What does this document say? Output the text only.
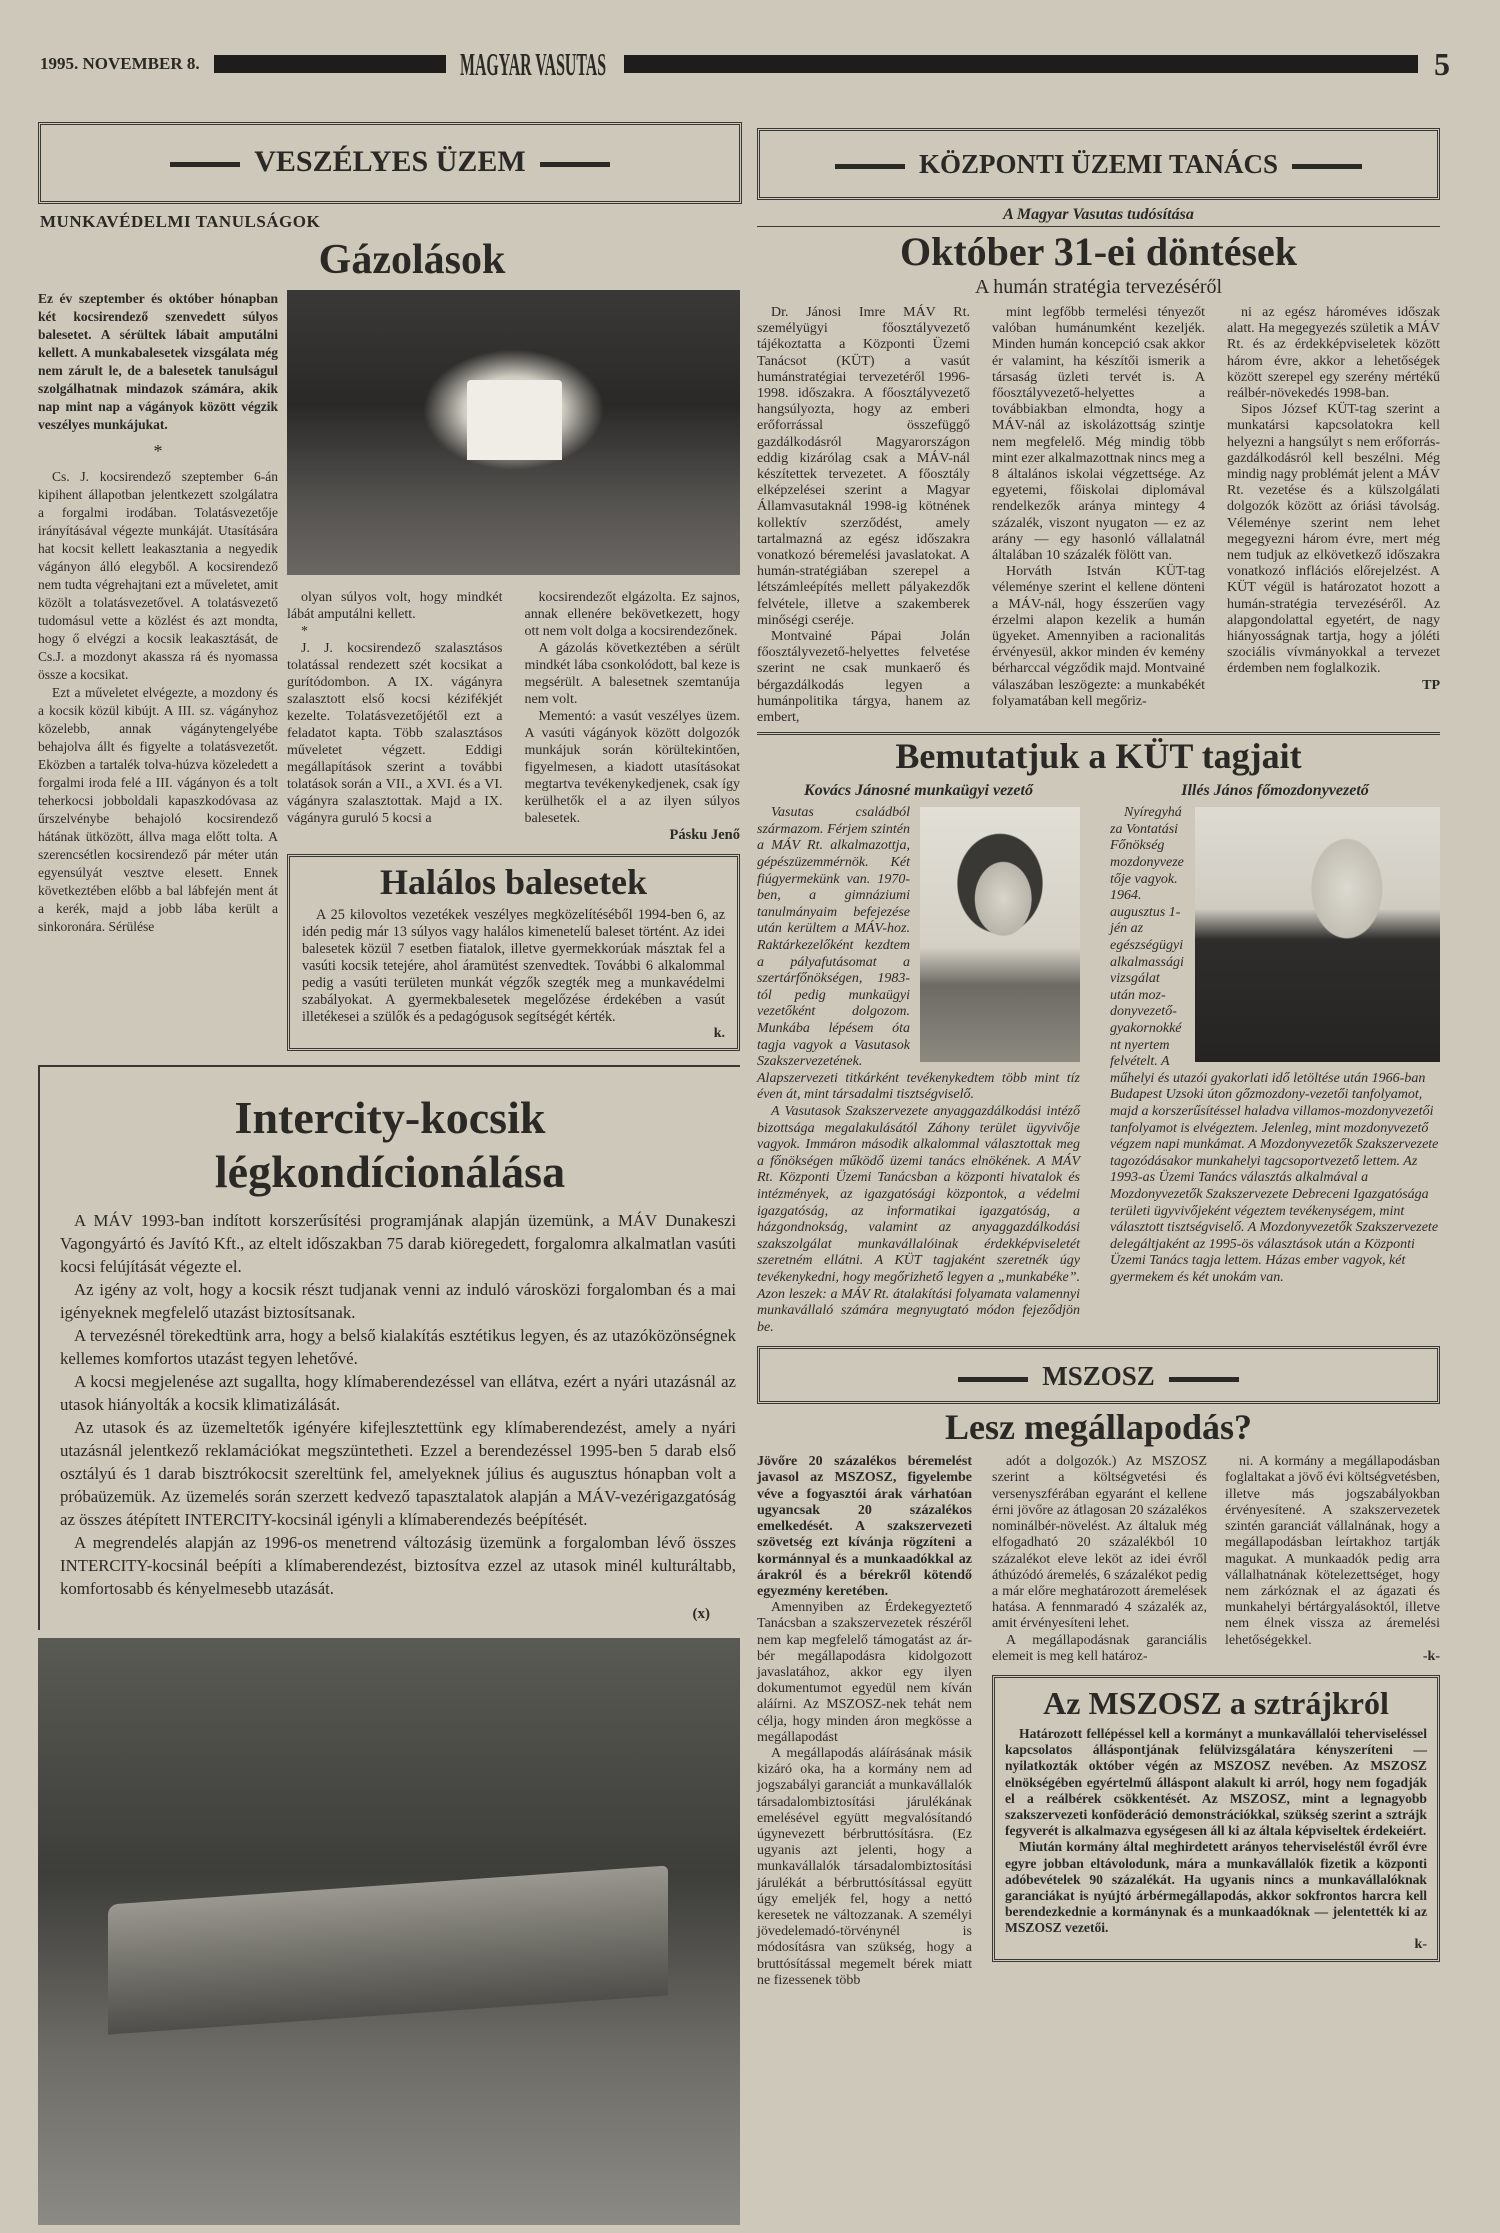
1995. NOVEMBER 8.	MAGYAR VASUTAS	5
VESZÉLYES ÜZEM
MUNKAVÉDELMI TANULSÁGOK
Gázolások

Ez év szeptember és október hónapban két kocsirendező szenvedett súlyos balesetet. A sérültek lábait amputálni kellett. A munkabalesetek vizsgálata még nem zárult le, de a balesetek tanulságul szolgálhatnak mindazok számára, akik nap mint nap a vágányok között végzik veszélyes munkájukat.

*

Cs. J. kocsirendező szeptember 6-án kipihent állapotban jelentkezett szolgálatra a forgalmi irodában. Tolatásvezetője irányításával végezte munkáját. Utasítására hat kocsit kellett leakasztania a negyedik vágányon álló elegyből. A kocsirendező nem tudta végrehajtani ezt a műveletet, amit közölt a tolatásvezetővel. A tolatásvezető tudomásul vette a közlést és azt mondta, hogy ő elvégzi a kocsik leakasztását, de Cs.J. a mozdonyt akassza rá és nyomassa össze a kocsikat.

Ezt a műveletet elvégezte, a mozdony és a kocsik közül kibújt. A III. sz. vágányhoz közelebb, annak vágánytengelyébe behajolva állt és figyelte a tolatásvezetőt. Eközben a tartalék tolva-húzva közeledett a forgalmi iroda felé a III. vágányon és a tolt teherkocsi jobboldali kapaszkodóvasa az űrszelvénybe behajoló kocsirendező hátának ütközött, állva maga előtt tolta. A szerencsétlen kocsirendező pár méter után egyensúlyát vesztve elesett. Ennek következtében előbb a bal lábfején ment át a kerék, majd a jobb lába került a sinkoronára. Sérülése

olyan súlyos volt, hogy mindkét lábát amputálni kellett.

*

J. J. kocsirendező szalasztásos tolatással rendezett szét kocsikat a gurítódombon. A IX. vágányra szalasztott első kocsi kézifékjét kezelte. Tolatásvezetőjétől ezt a feladatot kapta. Több szalasztásos műveletet végzett. Eddigi megállapítások szerint a további tolatások során a VII., a XVI. és a VI. vágányra szalasztottak. Majd a IX. vágányra guruló 5 kocsi a

kocsirendezőt elgázolta. Ez sajnos, annak ellenére bekövetkezett, hogy ott nem volt dolga a kocsirendezőnek.

A gázolás következtében a sérült mindkét lába csonkolódott, bal keze is megsérült. A balesetnek szemtanúja nem volt.

Mementó: a vasút veszélyes üzem. A vasúti vágányok között dolgozók munkájuk során körültekintően, figyelmesen, a kiadott utasításokat megtartva tevékenykedjenek, csak így kerülhetők el a az ilyen súlyos balesetek.

Pásku Jenő
Halálos balesetek

A 25 kilovoltos vezetékek veszélyes megközelítéséből 1994-ben 6, az idén pedig már 13 súlyos vagy halálos kimenetelű baleset történt. Az idei balesetek közül 7 esetben fiatalok, illetve gyermekkorúak másztak fel a vasúti kocsik tetejére, ahol áramütést szenvedtek. További 6 alkalommal pedig a vasúti területen munkát végzők szegték meg a munkavédelmi szabályokat. A gyermekbalesetek megelőzése érdekében a vasút illetékesei a szülők és a pedagógusok segítségét kérték.

k.
Intercity-kocsik
légkondícionálása

A MÁV 1993-ban indított korszerűsítési programjának alapján üzemünk, a MÁV Dunakeszi Vagongyártó és Javító Kft., az eltelt időszakban 75 darab kiöregedett, forgalomra alkalmatlan vasúti kocsi felújítását végezte el.

Az igény az volt, hogy a kocsik részt tudjanak venni az induló városközi forgalomban és a mai igényeknek megfelelő utazást biztosítsanak.

A tervezésnél törekedtünk arra, hogy a belső kialakítás esztétikus legyen, és az utazóközönségnek kellemes komfortos utazást tegyen lehetővé.

A kocsi megjelenése azt sugallta, hogy klímaberendezéssel van ellátva, ezért a nyári utazásnál az utasok hiányolták a kocsik klimatizálását.

Az utasok és az üzemeltetők igényére kifejlesztettünk egy klímaberendezést, amely a nyári utazásnál jelentkező reklamációkat megszüntetheti. Ezzel a berendezéssel 1995-ben 5 darab első osztályú és 1 darab bisztrókocsit szereltünk fel, amelyeknek július és augusztus hónapban volt a próbaüzemük. Az üzemelés során szerzett kedvező tapasztalatok alapján a MÁV-vezérigazgatóság az összes átépített INTERCITY-kocsinál igényli a klímaberendezés beépítését.

A megrendelés alapján az 1996-os menetrend változásig üzemünk a forgalomban lévő összes INTERCITY-kocsinál beépíti a klímaberendezést, biztosítva ezzel az utasok minél kulturáltabb, komfortosabb és kényelmesebb utazását.

(x)
KÖZPONTI ÜZEMI TANÁCS
A Magyar Vasutas tudósítása
Október 31-ei döntések
A humán stratégia tervezéséről

Dr. Jánosi Imre MÁV Rt. személyügyi főosztályvezető tájékoztatta a Központi Üzemi Tanácsot (KÜT) a vasút humánstratégiai tervezetéről 1996-1998. időszakra. A főosztályvezető hangsúlyozta, hogy az emberi erőforrással összefüggő gazdálkodásról Magyarországon eddig kizárólag csak a MÁV-nál készítettek tervezetet. A főosztály elképzelései szerint a Magyar Államvasutaknál 1998-ig kötnének kollektív szerződést, amely tartalmazná az egész időszakra vonatkozó béremelési javaslatokat. A humán-stratégiában szerepel a létszámleépítés mellett pályakezdők felvétele, illetve a szakemberek minőségi cseréje.

Montvainé Pápai Jolán főosztályvezető-helyettes felvetése szerint ne csak munkaerő és bérgazdálkodás legyen a humánpolitika tárgya, hanem az embert,

mint legfőbb termelési tényezőt valóban humánumként kezeljék. Minden humán koncepció csak akkor ér valamint, ha készítői ismerik a társaság üzleti tervét is. A főosztályvezető-helyettes a továbbiakban elmondta, hogy a MÁV-nál az iskolázottság szintje nem megfelelő. Még mindig több mint ezer alkalmazottnak nincs meg a 8 általános iskolai végzettsége. Az egyetemi, főiskolai diplomával rendelkezők aránya mintegy 4 százalék, viszont nyugaton — ez az arány — egy hasonló vállalatnál általában 10 százalék fölött van.

Horváth István KÜT-tag véleménye szerint el kellene dönteni a MÁV-nál, hogy ésszerűen vagy érzelmi alapon kezelik a humán ügyeket. Amennyiben a racionalitás érvényesül, akkor minden év kemény bérharccal végződik majd. Montvainé válaszában leszögezte: a munkabékét folyamatában kell megőriz-

ni az egész hároméves időszak alatt. Ha megegyezés születik a MÁV Rt. és az érdekképviseletek között három évre, akkor a lehetőségek között szerepel egy szerény mértékű reálbér-növekedés 1998-ban.

Sipos József KÜT-tag szerint a munkatársi kapcsolatokra kell helyezni a hangsúlyt s nem erőforrás-gazdálkodásról kell beszélni. Még mindig nagy problémát jelent a MÁV Rt. vezetése és a külszolgálati dolgozók között az óriási távolság. Véleménye szerint nem lehet megegyezni három évre, mert még nem tudjuk az elkövetkező időszakra vonatkozó inflációs előrejelzést. A KÜT végül is határozatot hozott a humán-stratégia tervezéséről. Az alapgondolattal egyetért, de nagy hiányosságnak tartja, hogy a jóléti szociális vívmányokkal a tervezet érdemben nem foglalkozik.

TP
Bemutatjuk a KÜT tagjait
Kovács Jánosné munkaügyi vezető

Vasutas családból származom. Férjem szintén a MÁV Rt. alkalmazottja, gépészüzemmérnök. Két fiúgyermekünk van. 1970-ben, a gimnáziumi tanulmányaim befejezése után kerültem a MÁV-hoz. Raktárkezelőként kezdtem a pályafutásomat a szertárfőnökségen, 1983-tól pedig munkaügyi vezetőként dolgozom. Munkába lépésem óta tagja vagyok a Vasutasok Szakszervezetének. Alapszervezeti titkárként tevékenykedtem több mint tíz éven át, mint társadalmi tisztségviselő.

A Vasutasok Szakszervezete anyaggazdálkodási intéző bizottsága megalakulásától Záhony terület ügyvivője vagyok. Immáron második alkalommal választottak meg a főnökségen működő üzemi tanács elnökének. A MÁV Rt. Központi Üzemi Tanácsban a központi hivatalok és intézmények, az igazgatósági központok, a védelmi igazgatóság, az informatikai igazgatóság, a házgondnokság, valamint az anyaggazdálkodási szakszolgálat munkavállalóinak érdekképviseletét szeretném ellátni. A KÜT tagjaként szeretnék úgy tevékenykedni, hogy megőrizhető legyen a „munkabéke”. Azon leszek: a MÁV Rt. átalakítási folyamata valamennyi munkavállaló számára megnyugtató módon fejeződjön be.

Illés János főmozdonyvezető

Nyíregyháza Vontatási Főnökség mozdonyvezetője vagyok. 1964. augusztus 1-jén az egészségügyi alkalmassági vizsgálat után moz- donyvezető-gyakornokként nyertem felvételt. A műhelyi és utazói gyakorlati idő letöltése után 1966-ban Budapest Uzsoki úton gőzmozdony-vezetői tanfolyamot, majd a korszerűsítéssel haladva villamos-mozdonyvezetői tanfolyamot is elvégeztem. Jelenleg, mint mozdonyvezető végzem napi munkámat. A Mozdonyvezetők Szakszervezete tagozódásakor munkahelyi tagcsoportvezető lettem. Az 1993-as Üzemi Tanács választás alkalmával a Mozdonyvezetők Szakszervezete Debreceni Igazgatósága területi ügyvivőjeként végeztem tevékenységem, mint választott tisztségviselő. A Mozdonyvezetők Szakszervezete delegáltjaként az 1995-ös választások után a Központi Üzemi Tanács tagja lettem. Házas ember vagyok, két gyermekem és két unokám van.

MSZOSZ
Lesz megállapodás?

Jövőre 20 százalékos béremelést javasol az MSZOSZ, figyelembe véve a fogyasztói árak várhatóan ugyancsak 20 százalékos emelkedését. A szakszervezeti szövetség ezt kívánja rögzíteni a kormánnyal és a munkaadókkal az árakról és a bérekről kötendő egyezmény keretében.

Amennyiben az Érdekegyeztető Tanácsban a szakszervezetek részéről nem kap megfelelő támogatást az ár-bér megállapodásra kidolgozott javaslatához, akkor egy ilyen dokumentumot egyedül nem kíván aláírni. Az MSZOSZ-nek tehát nem célja, hogy minden áron megkösse a megállapodást

A megállapodás aláírásának másik kizáró oka, ha a kormány nem ad jogszabályi garanciát a munkavállalók társadalombiztosítási járulékának emelésével együtt megvalósítandó úgynevezett bérbruttósításra. (Ez ugyanis azt jelenti, hogy a munkavállalók társadalombiztosítási járulékát a bérbruttósítással együtt úgy emeljék fel, hogy a nettó keresetek ne változzanak. A személyi jövedelemadó-törvénynél is módosításra van szükség, hogy a bruttósítással megemelt bérek miatt ne fizessenek több

adót a dolgozók.) Az MSZOSZ szerint a költségvetési és versenyszférában egyaránt el kellene érni jövőre az átlagosan 20 százalékos nominálbér-növelést. Az általuk még elfogadható 20 százalékból 10 százalékot eleve leköt az idei évről áthúzódó áremelés, 6 százalékot pedig a már előre meghatározott áremelések hatása. A fennmaradó 4 százalék az, amit érvényesíteni lehet.

A megállapodásnak garanciális elemeit is meg kell határoz-

ni. A kormány a megállapodásban foglaltakat a jövő évi költségvetésben, illetve más jogszabályokban érvényesítené. A szakszervezetek szintén garanciát vállalnának, hogy a megállapodásban leírtakhoz tartják magukat. A munkaadók pedig arra vállalhatnának kötelezettséget, hogy nem zárkóznak el az ágazati és munkahelyi bértárgyalásoktól, illetve nem élnek vissza az áremelési lehetőségekkel.

-k-
Az MSZOSZ a sztrájkról

Határozott fellépéssel kell a kormányt a munkavállalói teherviseléssel kapcsolatos álláspontjának felülvizsgálatára kényszeríteni — nyilatkozták október végén az MSZOSZ nevében. Az MSZOSZ elnökségében egyértelmű álláspont alakult ki arról, hogy nem fogadják el a reálbérek csökkentését. Az MSZOSZ, mint a legnagyobb szakszervezeti konföderáció demonstrációkkal, szükség szerint a sztrájk fegyverét is alkalmazva egységesen áll ki az általa képviseltek érdekeiért.

Miután kormány által meghirdetett arányos teherviseléstől évről évre egyre jobban eltávolodunk, mára a munkavállalók fizetik a központi adóbevételek 90 százalékát. Ha ugyanis nincs a munkavállalóknak garanciákat is nyújtó árbérmegállapodás, akkor sokfrontos harcra kell berendezkednie a kormánynak és a munkaadóknak — jelentették ki az MSZOSZ vezetői.

k-
